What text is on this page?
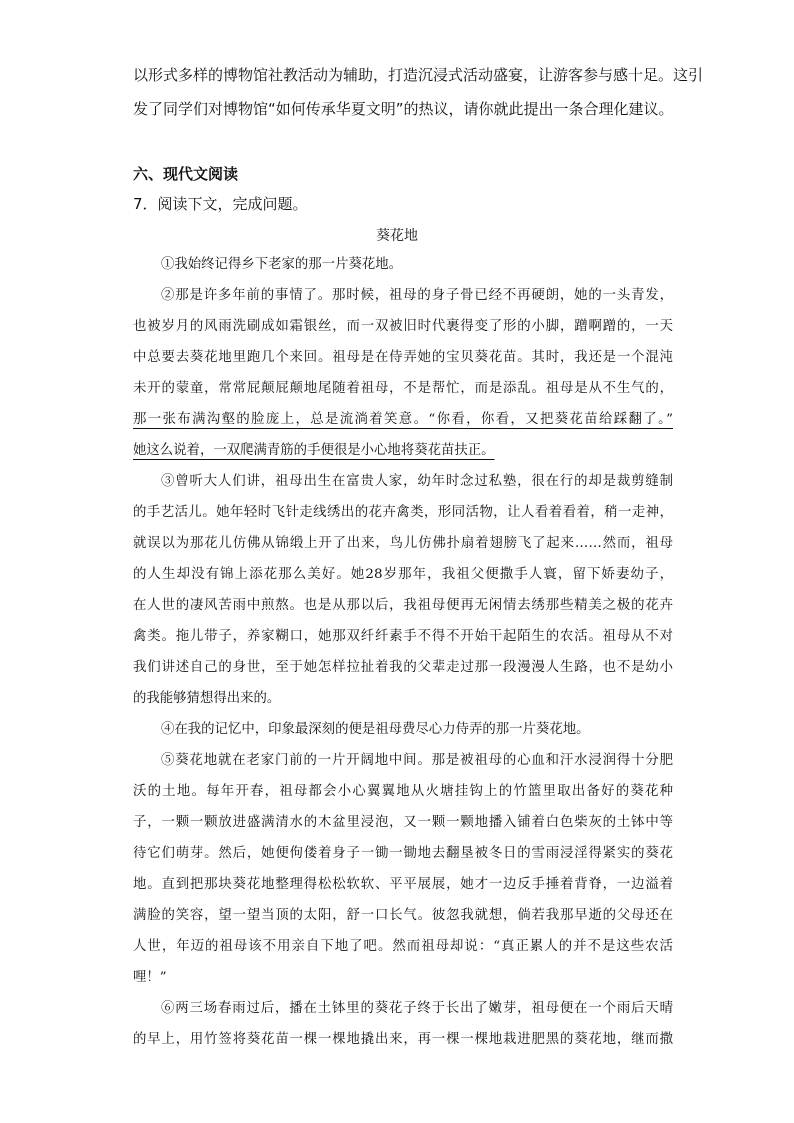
以形式多样的博物馆社教活动为辅助，打造沉浸式活动盛宴，让游客参与感十足。这引

发了同学们对博物馆“如何传承华夏文明”的热议，请你就此提出一条合理化建议。

六、现代文阅读
7．阅读下文，完成问题。
葵花地

①我始终记得乡下老家的那一片葵花地。

②那是许多年前的事情了。那时候，祖母的身子骨已经不再硬朗，她的一头青发，
也被岁月的风雨洗刷成如霜银丝，而一双被旧时代裹得变了形的小脚，蹭啊蹭的，一天
中总要去葵花地里跑几个来回。祖母是在侍弄她的宝贝葵花苗。其时，我还是一个混沌
未开的蒙童，常常屁颠屁颠地尾随着祖母，不是帮忙，而是添乱。祖母是从不生气的，
那一张布满沟壑的脸庞上，总是流淌着笑意。“你看，你看，又把葵花苗给踩翻了。”
她这么说着，一双爬满青筋的手便很是小心地将葵花苗扶正。

③曾听大人们讲，祖母出生在富贵人家，幼年时念过私塾，很在行的却是裁剪缝制
的手艺活儿。她年轻时飞针走线绣出的花卉禽类，形同活物，让人看着看着，稍一走神，
就误以为那花儿仿佛从锦缎上开了出来，鸟儿仿佛扑扇着翅膀飞了起来……然而，祖母
的人生却没有锦上添花那么美好。她28岁那年，我祖父便撒手人寰，留下娇妻幼子，
在人世的凄风苦雨中煎熬。也是从那以后，我祖母便再无闲情去绣那些精美之极的花卉
禽类。拖儿带子，养家糊口，她那双纤纤素手不得不开始干起陌生的农活。祖母从不对
我们讲述自己的身世，至于她怎样拉扯着我的父辈走过那一段漫漫人生路，也不是幼小
的我能够猜想得出来的。

④在我的记忆中，印象最深刻的便是祖母费尽心力侍弄的那一片葵花地。

⑤葵花地就在老家门前的一片开阔地中间。那是被祖母的心血和汗水浸润得十分肥
沃的土地。每年开春，祖母都会小心翼翼地从火塘挂钩上的竹篮里取出备好的葵花种
子，一颗一颗放进盛满清水的木盆里浸泡，又一颗一颗地播入铺着白色柴灰的土钵中等
待它们萌芽。然后，她便佝偻着身子一锄一锄地去翻垦被冬日的雪雨浸淫得紧实的葵花
地。直到把那块葵花地整理得松松软软、平平展展，她才一边反手捶着背脊，一边溢着
满脸的笑容，望一望当顶的太阳，舒一口长气。彼忽我就想，倘若我那早逝的父母还在
人世，年迈的祖母该不用亲自下地了吧。然而祖母却说：“真正累人的并不是这些农活
哩！”

⑥两三场春雨过后，播在土钵里的葵花子终于长出了嫩芽，祖母便在一个雨后天晴
的早上，用竹签将葵花苗一棵一棵地撬出来，再一棵一棵地栽进肥黑的葵花地，继而撒
